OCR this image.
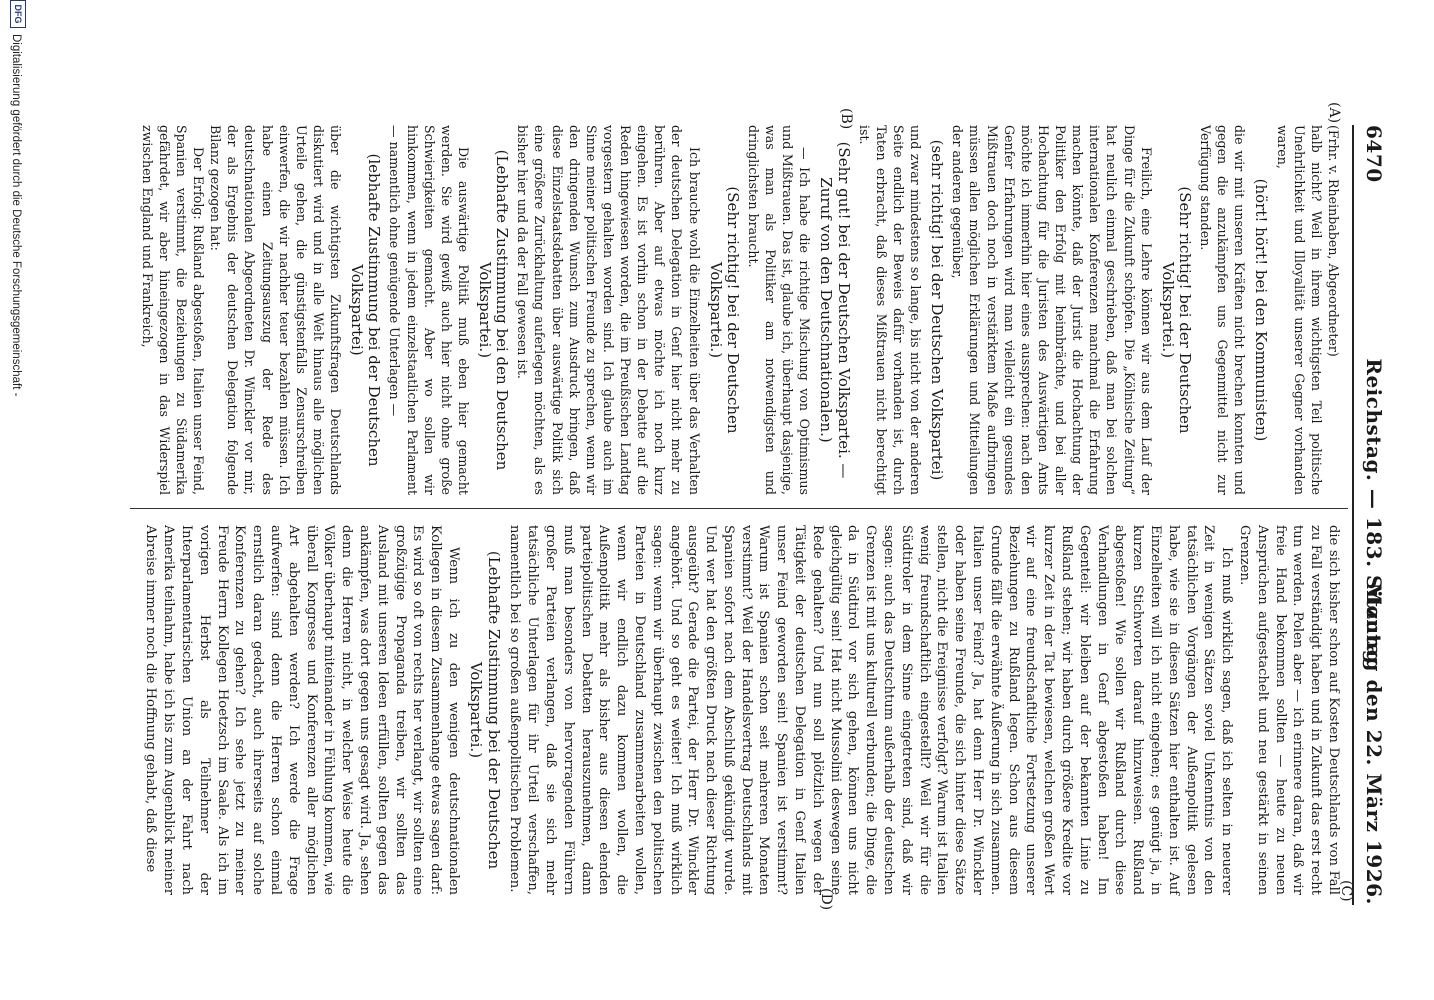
6470
Reichstag. — 183. Sitzung.
Montag den 22. März 1926.
(A)
(B)
(C)
(D)

(Frhr. v. Rheinbaben, Abgeordneter)

halb nicht? Weil in ihrem wichtigsten Teil politische Unehrlichkeit und Illoyalität unserer Gegner vorhanden waren,

(hört! hört! bei den Kommunisten)

die wir mit unseren Kräften nicht brechen konnten und gegen die anzukämpfen uns Gegenmittel nicht zur Verfügung standen.

(Sehr richtig! bei der Deutschen Volkspartei.)

Freilich, eine Lehre können wir aus dem Lauf der Dinge für die Zukunft schöpfen. Die „Kölnische Zeitung“ hat neulich einmal geschrieben, daß man bei solchen internationalen Konferenzen manchmal die Erfahrung machen könnte, daß der Jurist die Hochachtung der Politiker den Erfolg mit heimbrächte, und bei aller Hochachtung für die Juristen des Auswärtigen Amts möchte ich immerhin hier eines aussprechen: nach den Genfer Erfahrungen wird man vielleicht ein gesundes Mißtrauen doch noch in verstärktem Maße aufbringen müssen allen möglichen Erklärungen und Mitteilungen der anderen gegenüber,

(sehr richtig! bei der Deutschen Volkspartei)

und zwar mindestens so lange, bis nicht von der anderen Seite endlich der Beweis dafür vorhanden ist, durch Taten erbracht, daß dieses Mißtrauen nicht berechtigt ist.

(Sehr gut! bei der Deutschen Volkspartei. — Zuruf von den Deutschnationalen.)

— Ich habe die richtige Mischung von Optimismus und Mißtrauen. Das ist, glaube ich, überhaupt dasjenige, was man als Politiker am notwendigsten und dringlichsten braucht.

(Sehr richtig! bei der Deutschen Volkspartei.)

Ich brauche wohl die Einzelheiten über das Verhalten der deutschen Delegation in Genf hier nicht mehr zu berühren. Aber auf etwas möchte ich noch kurz eingehen. Es ist vorhin schon in der Debatte auf die Reden hingewiesen worden, die im Preußischen Landtag vorgestern gehalten worden sind. Ich glaube auch im Sinne meiner politischen Freunde zu sprechen, wenn wir den dringenden Wunsch zum Ausdruck bringen, daß diese Einzelstaatsdebatten über auswärtige Politik sich eine größere Zurückhaltung auferlegen möchten, als es bisher hier und da der Fall gewesen ist.

(Lebhafte Zustimmung bei den Deutschen Volkspartei.)

Die auswärtige Politik muß eben hier gemacht werden. Sie wird gewiß auch hier nicht ohne große Schwierigkeiten gemacht. Aber wo sollen wir hinkommen, wenn in jedem einzelstaatlichen Parlament — namentlich ohne genügende Unterlagen —

(lebhafte Zustimmung bei der Deutschen Volkspartei)

über die wichtigsten Zukunftsfragen Deutschlands diskutiert wird und in alle Welt hinaus alle möglichen Urteile gehen, die günstigstenfalls Zensurschreiben einwerfen, die wir nachher teuer bezahlen müssen. Ich habe einen Zeitungsauszug der Rede des deutschnationalen Abgeordneten Dr. Winckler vor mir, der als Ergebnis der deutschen Delegation folgende Bilanz gezogen hat:

Der Erfolg: Rußland abgestoßen, Italien unser Feind, Spanien verstimmt, die Beziehungen zu Südamerika gefährdet, wir aber hineingezogen in das Widerspiel zwischen England und Frankreich,

die sich bisher schon auf Kosten Deutschlands von Fall zu Fall verständigt haben und in Zukunft das erst recht tun werden. Polen aber — ich erinnere daran, daß wir freie Hand bekommen sollten — heute zu neuen Ansprüchen aufgestachelt und neu gestärkt in seinen Grenzen.

Ich muß wirklich sagen, daß ich selten in neuerer Zeit in wenigen Sätzen soviel Unkenntnis von den tatsächlichen Vorgängen der Außenpolitik gelesen habe, wie sie in diesen Sätzen hier enthalten ist. Auf Einzelheiten will ich nicht eingehen; es genügt ja, in kurzen Stichworten darauf hinzuweisen. Rußland abgestoßen! Wie sollen wir Rußland durch diese Verhandlungen in Genf abgestoßen haben! Im Gegenteil: wir bleiben auf der bekannten Linie zu Rußland stehen; wir haben durch größere Kredite vor kurzer Zeit in der Tat bewiesen, welchen großen Wert wir auf eine freundschaftliche Fortsetzung unserer Beziehungen zu Rußland legen. Schon aus diesem Grunde fällt die erwähnte Äußerung in sich zusammen. Italien unser Feind? Ja, hat denn Herr Dr. Winckler oder haben seine Freunde, die sich hinter diese Sätze stellen, nicht die Ereignisse verfolgt? Warum ist Italien wenig freundschaftlich eingestellt? Weil wir für die Südtiroler in dem Sinne eingetreten sind, daß wir sagen: auch das Deutschtum außerhalb der deutschen Grenzen ist mit uns kulturell verbunden; die Dinge, die da in Südtirol vor sich gehen, können uns nicht gleichgültig sein! Hat nicht Mussolini deswegen seine Rede gehalten? Und nun soll plötzlich wegen der Tätigkeit der deutschen Delegation in Genf Italien unser Feind geworden sein! Spanien ist verstimmt? Warum ist Spanien schon seit mehreren Monaten verstimmt? Weil der Handelsvertrag Deutschlands mit Spanien sofort nach dem Abschluß gekündigt wurde. Und wer hat den größten Druck nach dieser Richtung ausgeübt? Gerade die Partei, der Herr Dr. Winckler angehört. Und so geht es weiter! Ich muß wirklich sagen: wenn wir überhaupt zwischen den politischen Parteien in Deutschland zusammenarbeiten wollen, wenn wir endlich dazu kommen wollen, die Außenpolitik mehr als bisher aus diesen elenden parteipolitischen Debatten herauszunehmen, dann muß man besonders von hervorragenden Führern großer Parteien verlangen, daß sie sich mehr tatsächliche Unterlagen für ihr Urteil verschaffen, namentlich bei so großen außenpolitischen Problemen.

(Lebhafte Zustimmung bei der Deutschen Volkspartei.)

Wenn ich zu den wenigen deutschnationalen Kollegen in diesem Zusammenhange etwas sagen darf: Es wird so oft von rechts her verlangt, wir sollten eine großzügige Propaganda treiben, wir sollten das Ausland mit unseren Ideen erfüllen, sollten gegen das ankämpfen, was dort gegen uns gesagt wird. Ja, sehen denn die Herren nicht, in welcher Weise heute die Völker überhaupt miteinander in Fühlung kommen, wie überall Kongresse und Konferenzen aller möglichen Art abgehalten werden? Ich werde die Frage aufwerfen: sind denn die Herren schon einmal ernstlich daran gedacht, auch ihrerseits auf solche Konferenzen zu gehen? Ich sehe jetzt zu meiner Freude Herrn Kollegen Hoetzsch im Saale. Als ich im vorigen Herbst als Teilnehmer der Interparlamentarischen Union an der Fahrt nach Amerika teilnahm, habe ich bis zum Augenblick meiner Abreise immer noch die Hoffnung gehabt, daß diese

DFG
Digitalisierung gefördert durch die Deutsche Forschungsgemeinschaft -
